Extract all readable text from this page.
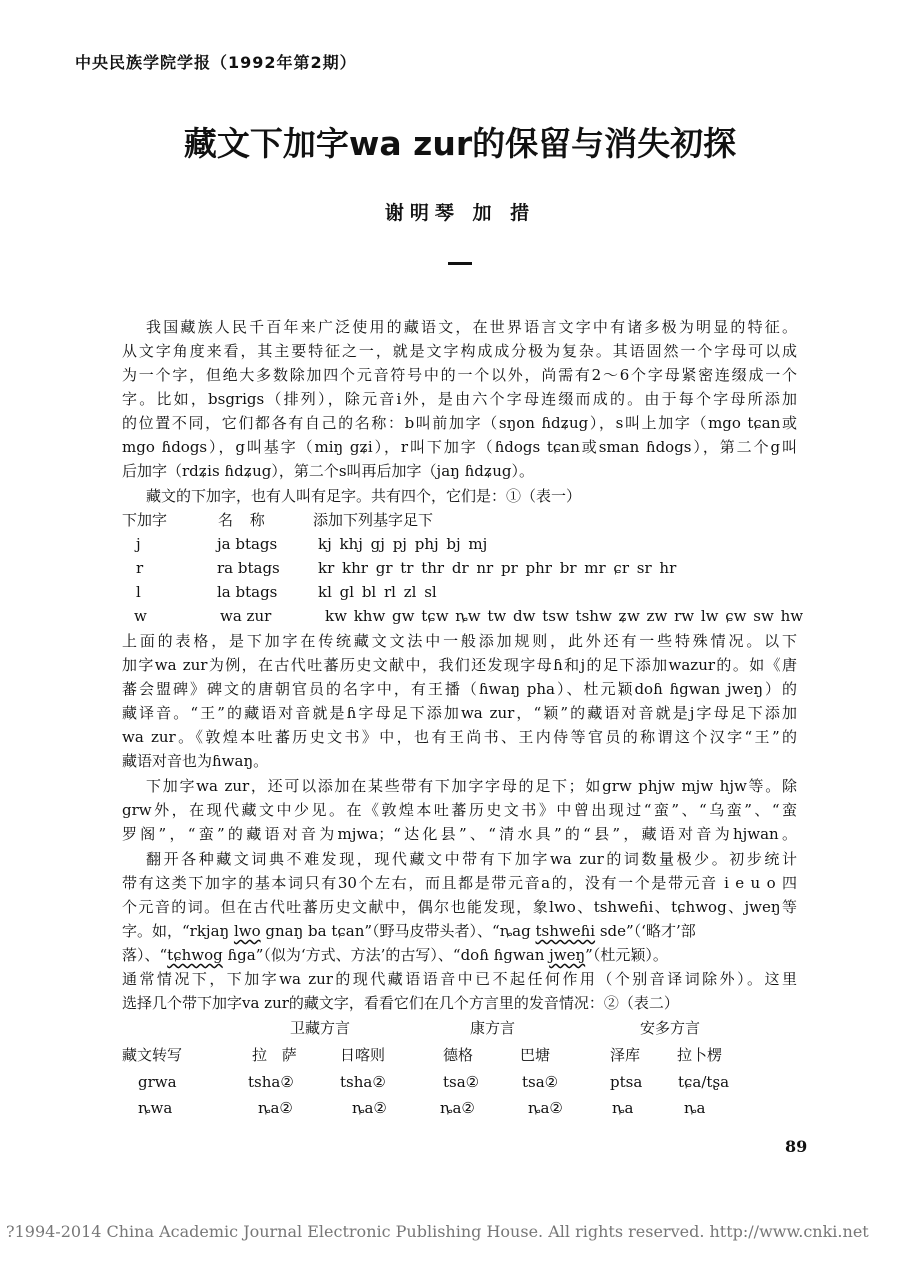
中央民族学院学报（1992年第2期）
藏文下加字wa zur的保留与消失初探
谢明琴 加 措
我国藏族人民千百年来广泛使用的藏语文，在世界语言文字中有诸多极为明显的特征。
从文字角度来看，其主要特征之一，就是文字构成成分极为复杂。其语固然一个字母可以成
为一个字，但绝大多数除加四个元音符号中的一个以外，尚需有2～6个字母紧密连缀成一个
字。比如，bsgrigs（排列），除元音i外，是由六个字母连缀而成的。由于每个字母所添加
的位置不同，它们都各有自己的名称：b叫前加字（sŋon ɦdʑug），s叫上加字（mgo tɕan或
mgo ɦdogs），g叫基字（miŋ gʑi），r叫下加字（ɦdogs tɕan或sman ɦdogs），第二个g叫
后加字（rdʑis ɦdʑug），第二个s叫再后加字（jaŋ ɦdʑug）。
藏文的下加字，也有人叫有足字。共有四个，它们是：①（表一）
下加字	名 称	添加下列基字足下
j	ja btags	kj khj gj pj phj bj mj
r	ra btags	kr khr gr tr thr dr nr pr phr br mr ɕr sr hr
l	la btags	kl gl bl rl zl sl
w	wa zur	kw khw gw tɕw ȵw tw dw tsw tshw ʑw zw rw lw ɕw sw hw
上面的表格，是下加字在传统藏文文法中一般添加规则，此外还有一些特殊情况。以下
加字wa zur为例，在古代吐蕃历史文献中，我们还发现字母ɦ和j的足下添加wazur的。如《唐
蕃会盟碑》碑文的唐朝官员的名字中，有王播（ɦwaŋ pha）、杜元颖doɦ ɦgwan jweŋ）的
藏译音。“王”的藏语对音就是ɦ字母足下添加wa zur，“颖”的藏语对音就是j字母足下添加
wa zur。《敦煌本吐蕃历史文书》中，也有王尚书、王内侍等官员的称谓这个汉字“王”的
藏语对音也为ɦwaŋ。
下加字wa zur，还可以添加在某些带有下加字字母的足下；如grw phjw mjw hjw等。除
grw外，在现代藏文中少见。在《敦煌本吐蕃历史文书》中曾出现过“蛮”、“乌蛮”、“蛮
罗阁”，“蛮”的藏语对音为mjwa；“达化县”、“清水具”的“县”，藏语对音为hjwan。
翻开各种藏文词典不难发现，现代藏文中带有下加字wa zur的词数量极少。初步统计
带有这类下加字的基本词只有30个左右，而且都是带元音a的，没有一个是带元音 i e u o 四
个元音的词。但在古代吐蕃历史文献中，偶尔也能发现，象lwo、tshweɦi、tɕhwog、jweŋ等
字。如，“rkjaŋ lwo gnaŋ ba tɕan”（野马皮带头者）、“ȵag tshweɦi sde”（‘略才’部
落）、“tɕhwog ɦga”（似为‘方式、方法’的古写）、“doɦ ɦgwan jweŋ”（杜元颖）。
通常情况下，下加字wa zur的现代藏语语音中已不起任何作用（个别音译词除外）。这里
选择几个带下加字va zur的藏文字，看看它们在几个方言里的发音情况：②（表二）
卫藏方言	康方言	安多方言
藏文转写	拉 萨	日喀则	德格	巴塘	泽库 拉卜楞
grwa	tsha②	tsha②	tsa②	tsa②	ptsa tɕa/tʂa
ȵwa	ȵa②	ȵa②	ȵa②	ȵa②	ȵa	ȵa
89
?1994-2014 China Academic Journal Electronic Publishing House. All rights reserved. http://www.cnki.net
